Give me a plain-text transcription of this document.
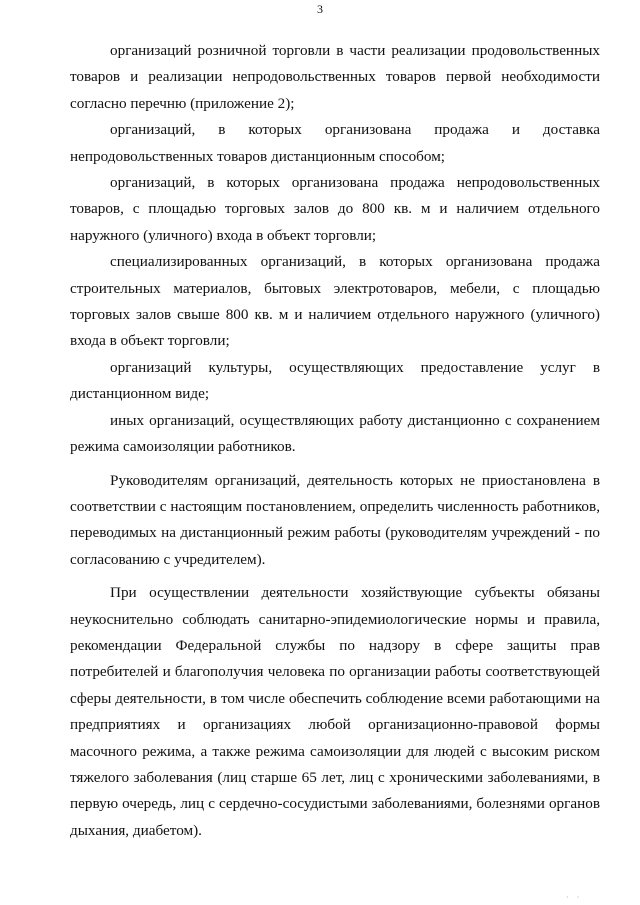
3

организаций розничной торговли в части реализации продовольственных товаров и реализации непродовольственных товаров первой необходимости согласно перечню (приложение 2);

организаций, в которых организована продажа и доставка непродовольственных товаров дистанционным способом;

организаций, в которых организована продажа непродовольственных товаров, с площадью торговых залов до 800 кв. м и наличием отдельного наружного (уличного) входа в объект торговли;

специализированных организаций, в которых организована продажа строительных материалов, бытовых электротоваров, мебели, с площадью торговых залов свыше 800 кв. м и наличием отдельного наружного (уличного) входа в объект торговли;

организаций культуры, осуществляющих предоставление услуг в дистанционном виде;

иных организаций, осуществляющих работу дистанционно с сохранением режима самоизоляции работников.

Руководителям организаций, деятельность которых не приостановлена в соответствии с настоящим постановлением, определить численность работников, переводимых на дистанционный режим работы (руководителям учреждений - по согласованию с учредителем).

При осуществлении деятельности хозяйствующие субъекты обязаны неукоснительно соблюдать санитарно-эпидемиологические нормы и правила, рекомендации Федеральной службы по надзору в сфере защиты прав потребителей и благополучия человека по организации работы соответствующей сферы деятельности, в том числе обеспечить соблюдение всеми работающими на предприятиях и организациях любой организационно-правовой формы масочного режима, а также режима самоизоляции для людей с высоким риском тяжелого заболевания (лиц старше 65 лет, лиц с хроническими заболеваниями, в первую очередь, лиц с сердечно-сосудистыми заболеваниями, болезнями органов дыхания, диабетом).

· ·
